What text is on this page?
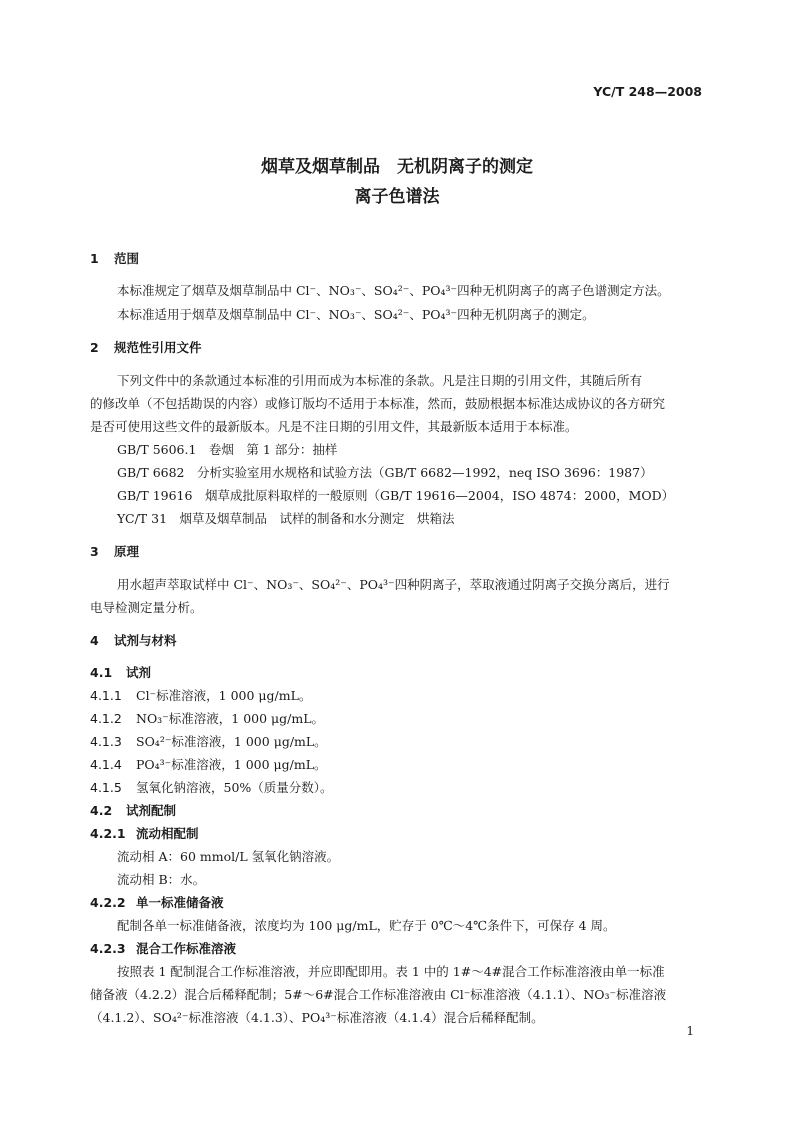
YC/T 248—2008
烟草及烟草制品　无机阴离子的测定
离子色谱法
1 范围
本标准规定了烟草及烟草制品中 Cl⁻、NO₃⁻、SO₄²⁻、PO₄³⁻四种无机阴离子的离子色谱测定方法。
本标准适用于烟草及烟草制品中 Cl⁻、NO₃⁻、SO₄²⁻、PO₄³⁻四种无机阴离子的测定。
2 规范性引用文件
下列文件中的条款通过本标准的引用而成为本标准的条款。凡是注日期的引用文件，其随后所有
的修改单（不包括勘误的内容）或修订版均不适用于本标准，然而，鼓励根据本标准达成协议的各方研究
是否可使用这些文件的最新版本。凡是不注日期的引用文件，其最新版本适用于本标准。
GB/T 5606.1　卷烟　第 1 部分：抽样
GB/T 6682　分析实验室用水规格和试验方法（GB/T 6682—1992，neq ISO 3696：1987）
GB/T 19616　烟草成批原料取样的一般原则（GB/T 19616—2004，ISO 4874：2000，MOD）
YC/T 31　烟草及烟草制品　试样的制备和水分测定　烘箱法
3 原理
用水超声萃取试样中 Cl⁻、NO₃⁻、SO₄²⁻、PO₄³⁻四种阴离子，萃取液通过阴离子交换分离后，进行
电导检测定量分析。
4 试剂与材料
4.1 试剂
4.1.1 Cl⁻标准溶液，1 000 μg/mL。
4.1.2 NO₃⁻标准溶液，1 000 μg/mL。
4.1.3 SO₄²⁻标准溶液，1 000 μg/mL。
4.1.4 PO₄³⁻标准溶液，1 000 μg/mL。
4.1.5 氢氧化钠溶液，50%（质量分数）。
4.2 试剂配制
4.2.1 流动相配制
流动相 A：60 mmol/L 氢氧化钠溶液。
流动相 B：水。
4.2.2 单一标准储备液
配制各单一标准储备液，浓度均为 100 μg/mL，贮存于 0℃～4℃条件下，可保存 4 周。
4.2.3 混合工作标准溶液
按照表 1 配制混合工作标准溶液，并应即配即用。表 1 中的 1#～4#混合工作标准溶液由单一标准
储备液（4.2.2）混合后稀释配制；5#～6#混合工作标准溶液由 Cl⁻标准溶液（4.1.1）、NO₃⁻标准溶液
（4.1.2）、SO₄²⁻标准溶液（4.1.3）、PO₄³⁻标准溶液（4.1.4）混合后稀释配制。
1
